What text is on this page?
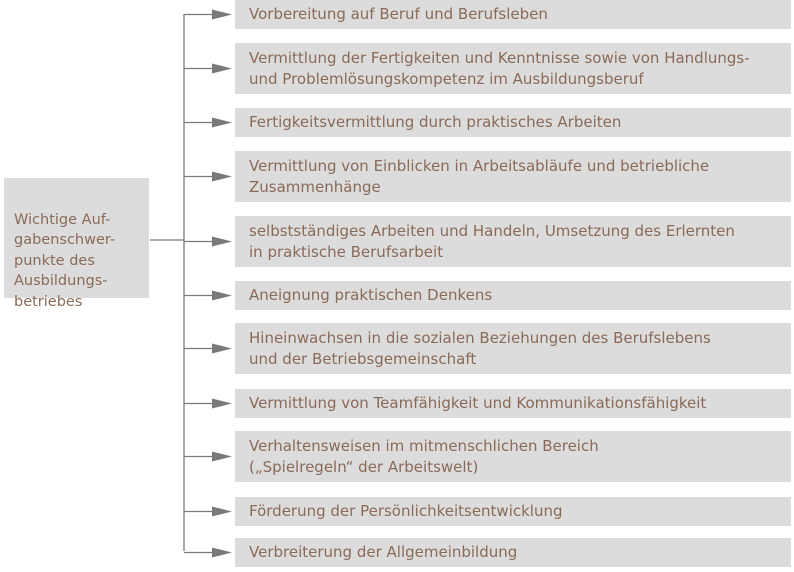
Wichtige Auf-
gabenschwer-
punkte des
Ausbildungs-
betriebes

Vorbereitung auf Beruf und Berufsleben
Vermittlung der Fertigkeiten und Kenntnisse sowie von Handlungs-
und Problemlösungskompetenz im Ausbildungsberuf
Fertigkeitsvermittlung durch praktisches Arbeiten
Vermittlung von Einblicken in Arbeitsabläufe und betriebliche
Zusammenhänge
selbstständiges Arbeiten und Handeln, Umsetzung des Erlernten
in praktische Berufsarbeit
Aneignung praktischen Denkens
Hineinwachsen in die sozialen Beziehungen des Berufslebens
und der Betriebsgemeinschaft
Vermittlung von Teamfähigkeit und Kommunikationsfähigkeit
Verhaltensweisen im mitmenschlichen Bereich
(„Spielregeln“ der Arbeitswelt)
Förderung der Persönlichkeitsentwicklung
Verbreiterung der Allgemeinbildung
